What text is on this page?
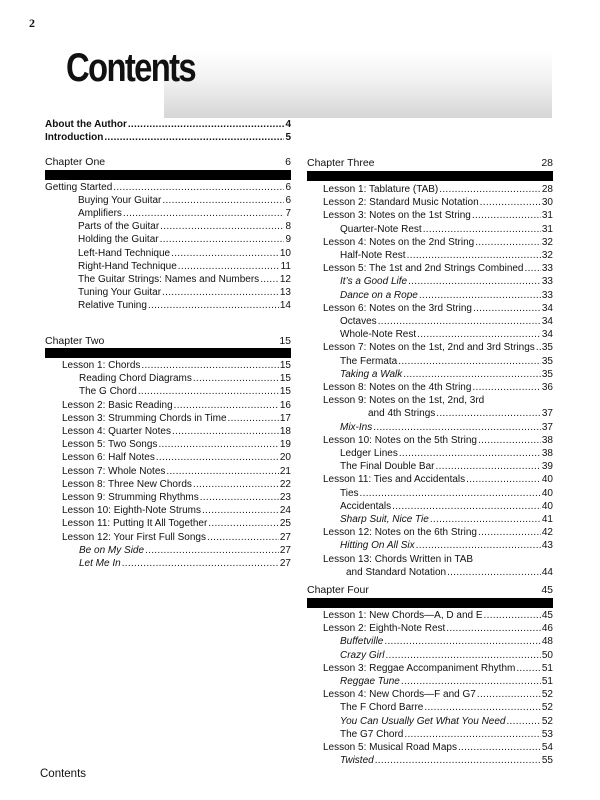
2
Contents
About the Author .....	4
Introduction .....	5
Chapter One	6
Getting Started .....	6
Buying Your Guitar .....	6
Amplifiers .....	7
Parts of the Guitar .....	8
Holding the Guitar .....	9
Left-Hand Technique .....	10
Right-Hand Technique .....	11
The Guitar Strings: Names and Numbers ..... 12
Tuning Your Guitar .....	13
Relative Tuning .....	14
Chapter Two	15
Lesson 1: Chords .....	15
Reading Chord Diagrams .....	15
The G Chord .....	15
Lesson 2: Basic Reading .....	16
Lesson 3: Strumming Chords in Time .....	17
Lesson 4: Quarter Notes .....	18
Lesson 5: Two Songs .....	19
Lesson 6: Half Notes .....	20
Lesson 7: Whole Notes .....	21
Lesson 8: Three New Chords .....	22
Lesson 9: Strumming Rhythms .....	23
Lesson 10: Eighth-Note Strums .....	24
Lesson 11: Putting It All Together .....	25
Lesson 12: Your First Full Songs .....	27
Be on My Side .....	27
Let Me In .....	27
Chapter Three	28
Lesson 1: Tablature (TAB) .....	28
Lesson 2: Standard Music Notation .....	30
Lesson 3: Notes on the 1st String .....	31
Quarter-Note Rest .....	31
Lesson 4: Notes on the 2nd String .....	32
Half-Note Rest .....	32
Lesson 5: The 1st and 2nd Strings Combined ..... 33
It’s a Good Life .....	33
Dance on a Rope .....	33
Lesson 6: Notes on the 3rd String .....	34
Octaves .....	34
Whole-Note Rest .....	34
Lesson 7: Notes on the 1st, 2nd and 3rd Strings ..... 35
The Fermata .....	35
Taking a Walk .....	35
Lesson 8: Notes on the 4th String .....	36
Lesson 9: Notes on the 1st, 2nd, 3rd
and 4th Strings .....	37
Mix-Ins .....	37
Lesson 10: Notes on the 5th String .....	38
Ledger Lines .....	38
The Final Double Bar .....	39
Lesson 11: Ties and Accidentals .....	40
Ties .....	40
Accidentals .....	40
Sharp Suit, Nice Tie .....	41
Lesson 12: Notes on the 6th String .....	42
Hitting On All Six .....	43
Lesson 13: Chords Written in TAB
and Standard Notation .....	44
Chapter Four	45
Lesson 1: New Chords—A, D and E .....	45
Lesson 2: Eighth-Note Rest .....	46
Buffetville .....	48
Crazy Girl .....	50
Lesson 3: Reggae Accompaniment Rhythm .....	51
Reggae Tune .....	51
Lesson 4: New Chords—F and G7 .....	52
The F Chord Barre .....	52
You Can Usually Get What You Need .....	52
The G7 Chord .....	53
Lesson 5: Musical Road Maps .....	54
Twisted .....	55
Contents
